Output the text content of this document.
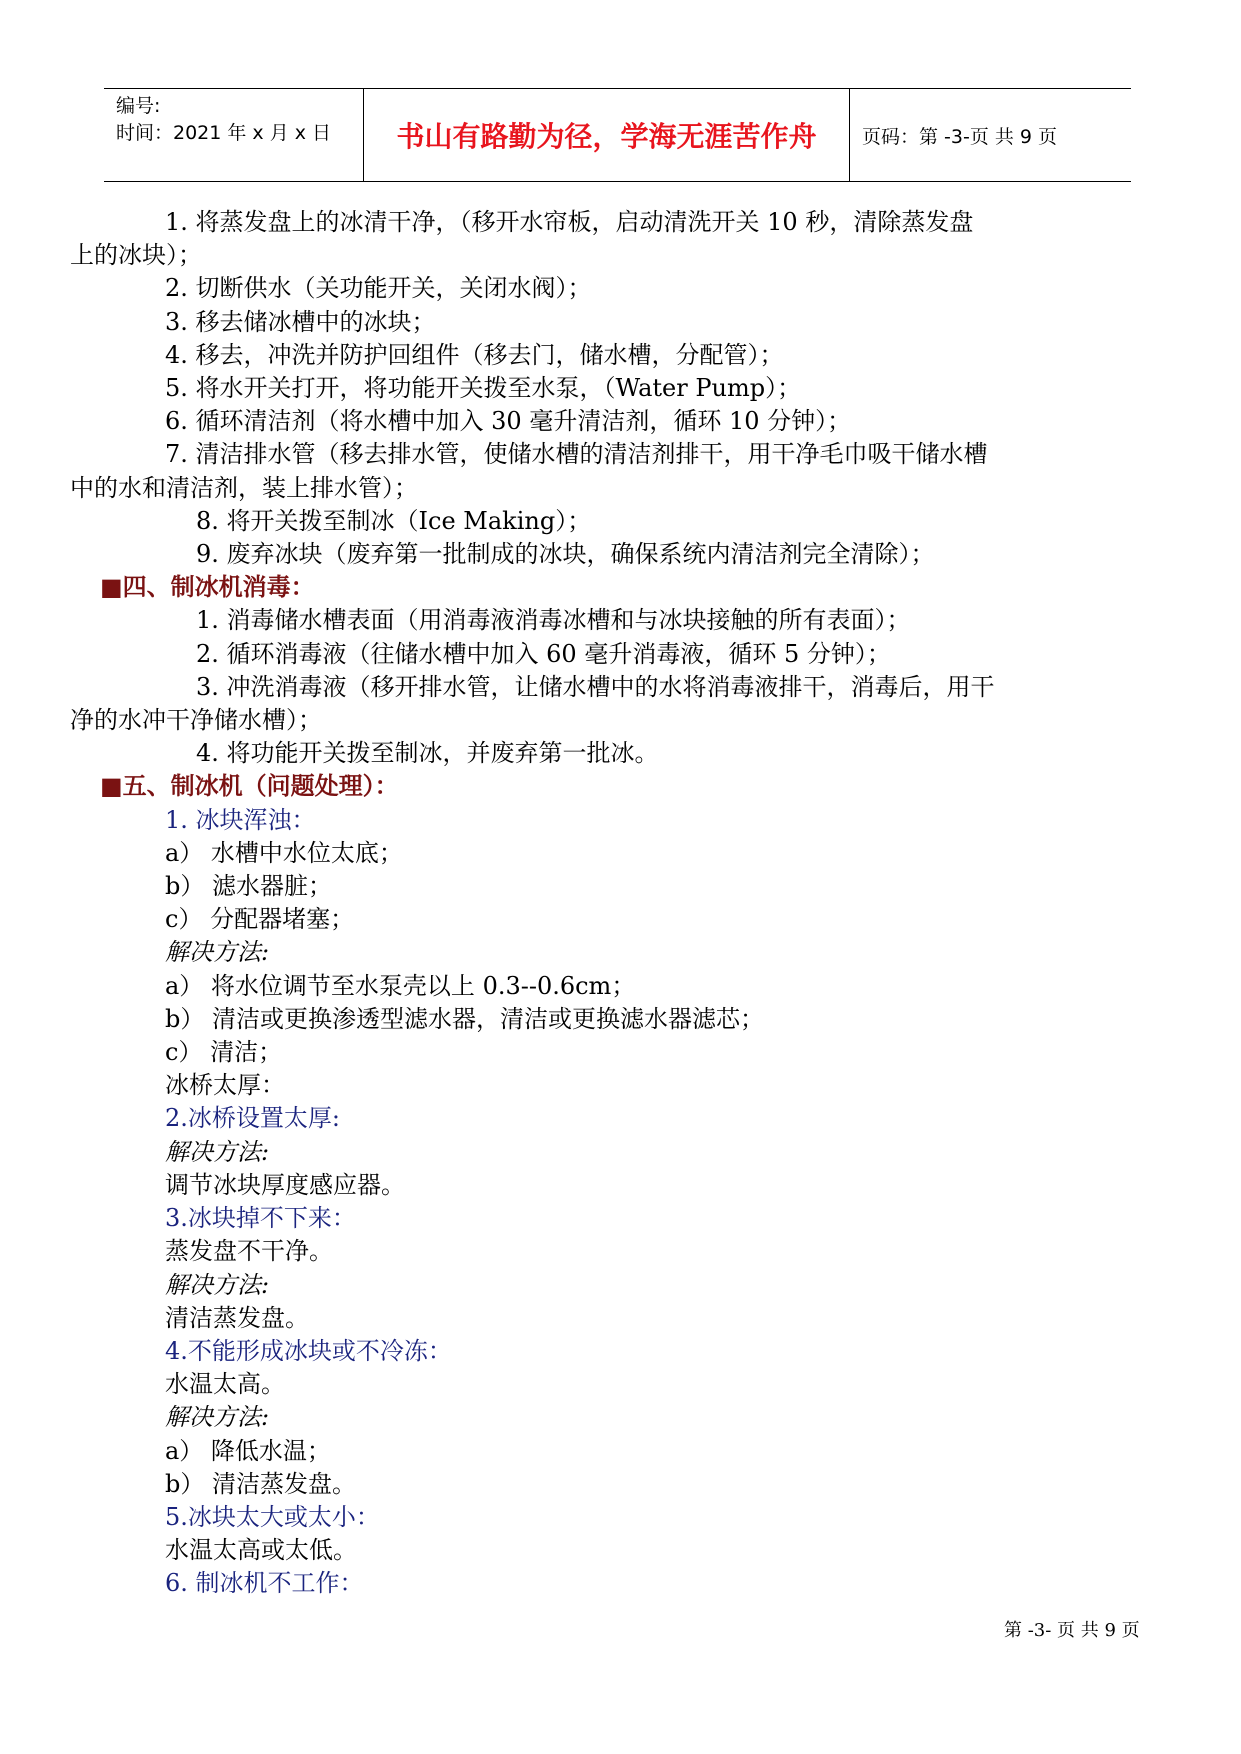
编号:
时间：2021 年 x 月 x 日	书山有路勤为径，学海无涯苦作舟	页码：第 -3-页 共 9 页
1. 将蒸发盘上的冰清干净，（移开水帘板，启动清洗开关 10 秒，清除蒸发盘
上的冰块）；
2. 切断供水（关功能开关，关闭水阀）；
3. 移去储冰槽中的冰块；
4. 移去，冲洗并防护回组件（移去门，储水槽，分配管）；
5. 将水开关打开，将功能开关拨至水泵，（Water Pump）；
6. 循环清洁剂（将水槽中加入 30 毫升清洁剂，循环 10 分钟）；
7. 清洁排水管（移去排水管，使储水槽的清洁剂排干，用干净毛巾吸干储水槽
中的水和清洁剂，装上排水管）；
8. 将开关拨至制冰（Ice Making）；
9. 废弃冰块（废弃第一批制成的冰块，确保系统内清洁剂完全清除）；
■四、制冰机消毒：
1. 消毒储水槽表面（用消毒液消毒冰槽和与冰块接触的所有表面）；
2. 循环消毒液（往储水槽中加入 60 毫升消毒液，循环 5 分钟）；
3. 冲洗消毒液（移开排水管，让储水槽中的水将消毒液排干，消毒后，用干
净的水冲干净储水槽）；
4. 将功能开关拨至制冰，并废弃第一批冰。
■五、制冰机（问题处理）：
1. 冰块浑浊：
a） 水槽中水位太底；
b） 滤水器脏；
c） 分配器堵塞；
解决方法:
a） 将水位调节至水泵壳以上 0.3--0.6cm；
b） 清洁或更换渗透型滤水器，清洁或更换滤水器滤芯；
c） 清洁；
冰桥太厚：
2.冰桥设置太厚:
解决方法:
调节冰块厚度感应器。
3.冰块掉不下来：
蒸发盘不干净。
解决方法:
清洁蒸发盘。
4.不能形成冰块或不冷冻：
水温太高。
解决方法:
a） 降低水温；
b） 清洁蒸发盘。
5.冰块太大或太小：
水温太高或太低。
6. 制冰机不工作：
第 -3- 页 共 9 页
